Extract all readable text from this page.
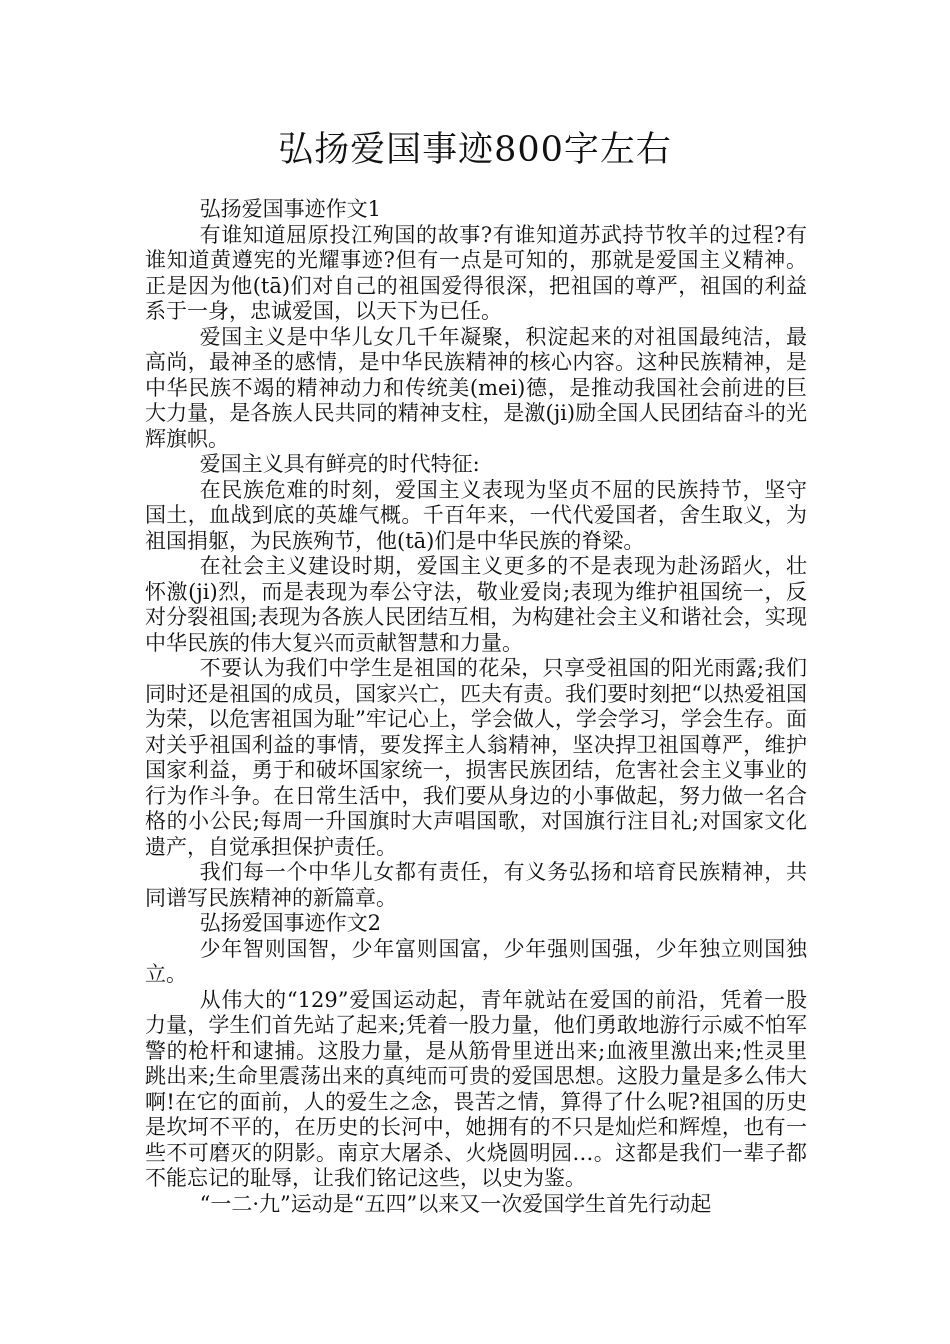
弘扬爱国事迹800字左右

弘扬爱国事迹作文1

有谁知道屈原投江殉国的故事?有谁知道苏武持节牧羊的过程?有谁知道黄遵宪的光耀事迹?但有一点是可知的，那就是爱国主义精神。正是因为他(tā)们对自己的祖国爱得很深，把祖国的尊严，祖国的利益系于一身，忠诚爱国，以天下为已任。

爱国主义是中华儿女几千年凝聚，积淀起来的对祖国最纯洁，最高尚，最神圣的感情，是中华民族精神的核心内容。这种民族精神，是中华民族不竭的精神动力和传统美(mei)德，是推动我国社会前进的巨大力量，是各族人民共同的精神支柱，是激(ji)励全国人民团结奋斗的光辉旗帜。

爱国主义具有鲜亮的时代特征:

在民族危难的时刻，爱国主义表现为坚贞不屈的民族持节，坚守国土，血战到底的英雄气概。千百年来，一代代爱国者，舍生取义，为祖国捐躯，为民族殉节，他(tā)们是中华民族的脊梁。

在社会主义建设时期，爱国主义更多的不是表现为赴汤蹈火，壮怀激(ji)烈，而是表现为奉公守法，敬业爱岗;表现为维护祖国统一，反对分裂祖国;表现为各族人民团结互相，为构建社会主义和谐社会，实现中华民族的伟大复兴而贡献智慧和力量。

不要认为我们中学生是祖国的花朵，只享受祖国的阳光雨露;我们同时还是祖国的成员，国家兴亡，匹夫有责。我们要时刻把“以热爱祖国为荣，以危害祖国为耻”牢记心上，学会做人，学会学习，学会生存。面对关乎祖国利益的事情，要发挥主人翁精神，坚决捍卫祖国尊严，维护国家利益，勇于和破坏国家统一，损害民族团结，危害社会主义事业的行为作斗争。在日常生活中，我们要从身边的小事做起，努力做一名合格的小公民;每周一升国旗时大声唱国歌，对国旗行注目礼;对国家文化遗产，自觉承担保护责任。

我们每一个中华儿女都有责任，有义务弘扬和培育民族精神，共同谱写民族精神的新篇章。

弘扬爱国事迹作文2

少年智则国智，少年富则国富，少年强则国强，少年独立则国独立。

从伟大的“129”爱国运动起，青年就站在爱国的前沿，凭着一股力量，学生们首先站了起来;凭着一股力量，他们勇敢地游行示威不怕军警的枪杆和逮捕。这股力量，是从筋骨里迸出来;血液里激出来;性灵里跳出来;生命里震荡出来的真纯而可贵的爱国思想。这股力量是多么伟大啊!在它的面前，人的爱生之念，畏苦之情，算得了什么呢?祖国的历史是坎坷不平的，在历史的长河中，她拥有的不只是灿烂和辉煌，也有一些不可磨灭的阴影。南京大屠杀、火烧圆明园…。这都是我们一辈子都不能忘记的耻辱，让我们铭记这些，以史为鉴。

“一二·九”运动是“五四”以来又一次爱国学生首先行动起
